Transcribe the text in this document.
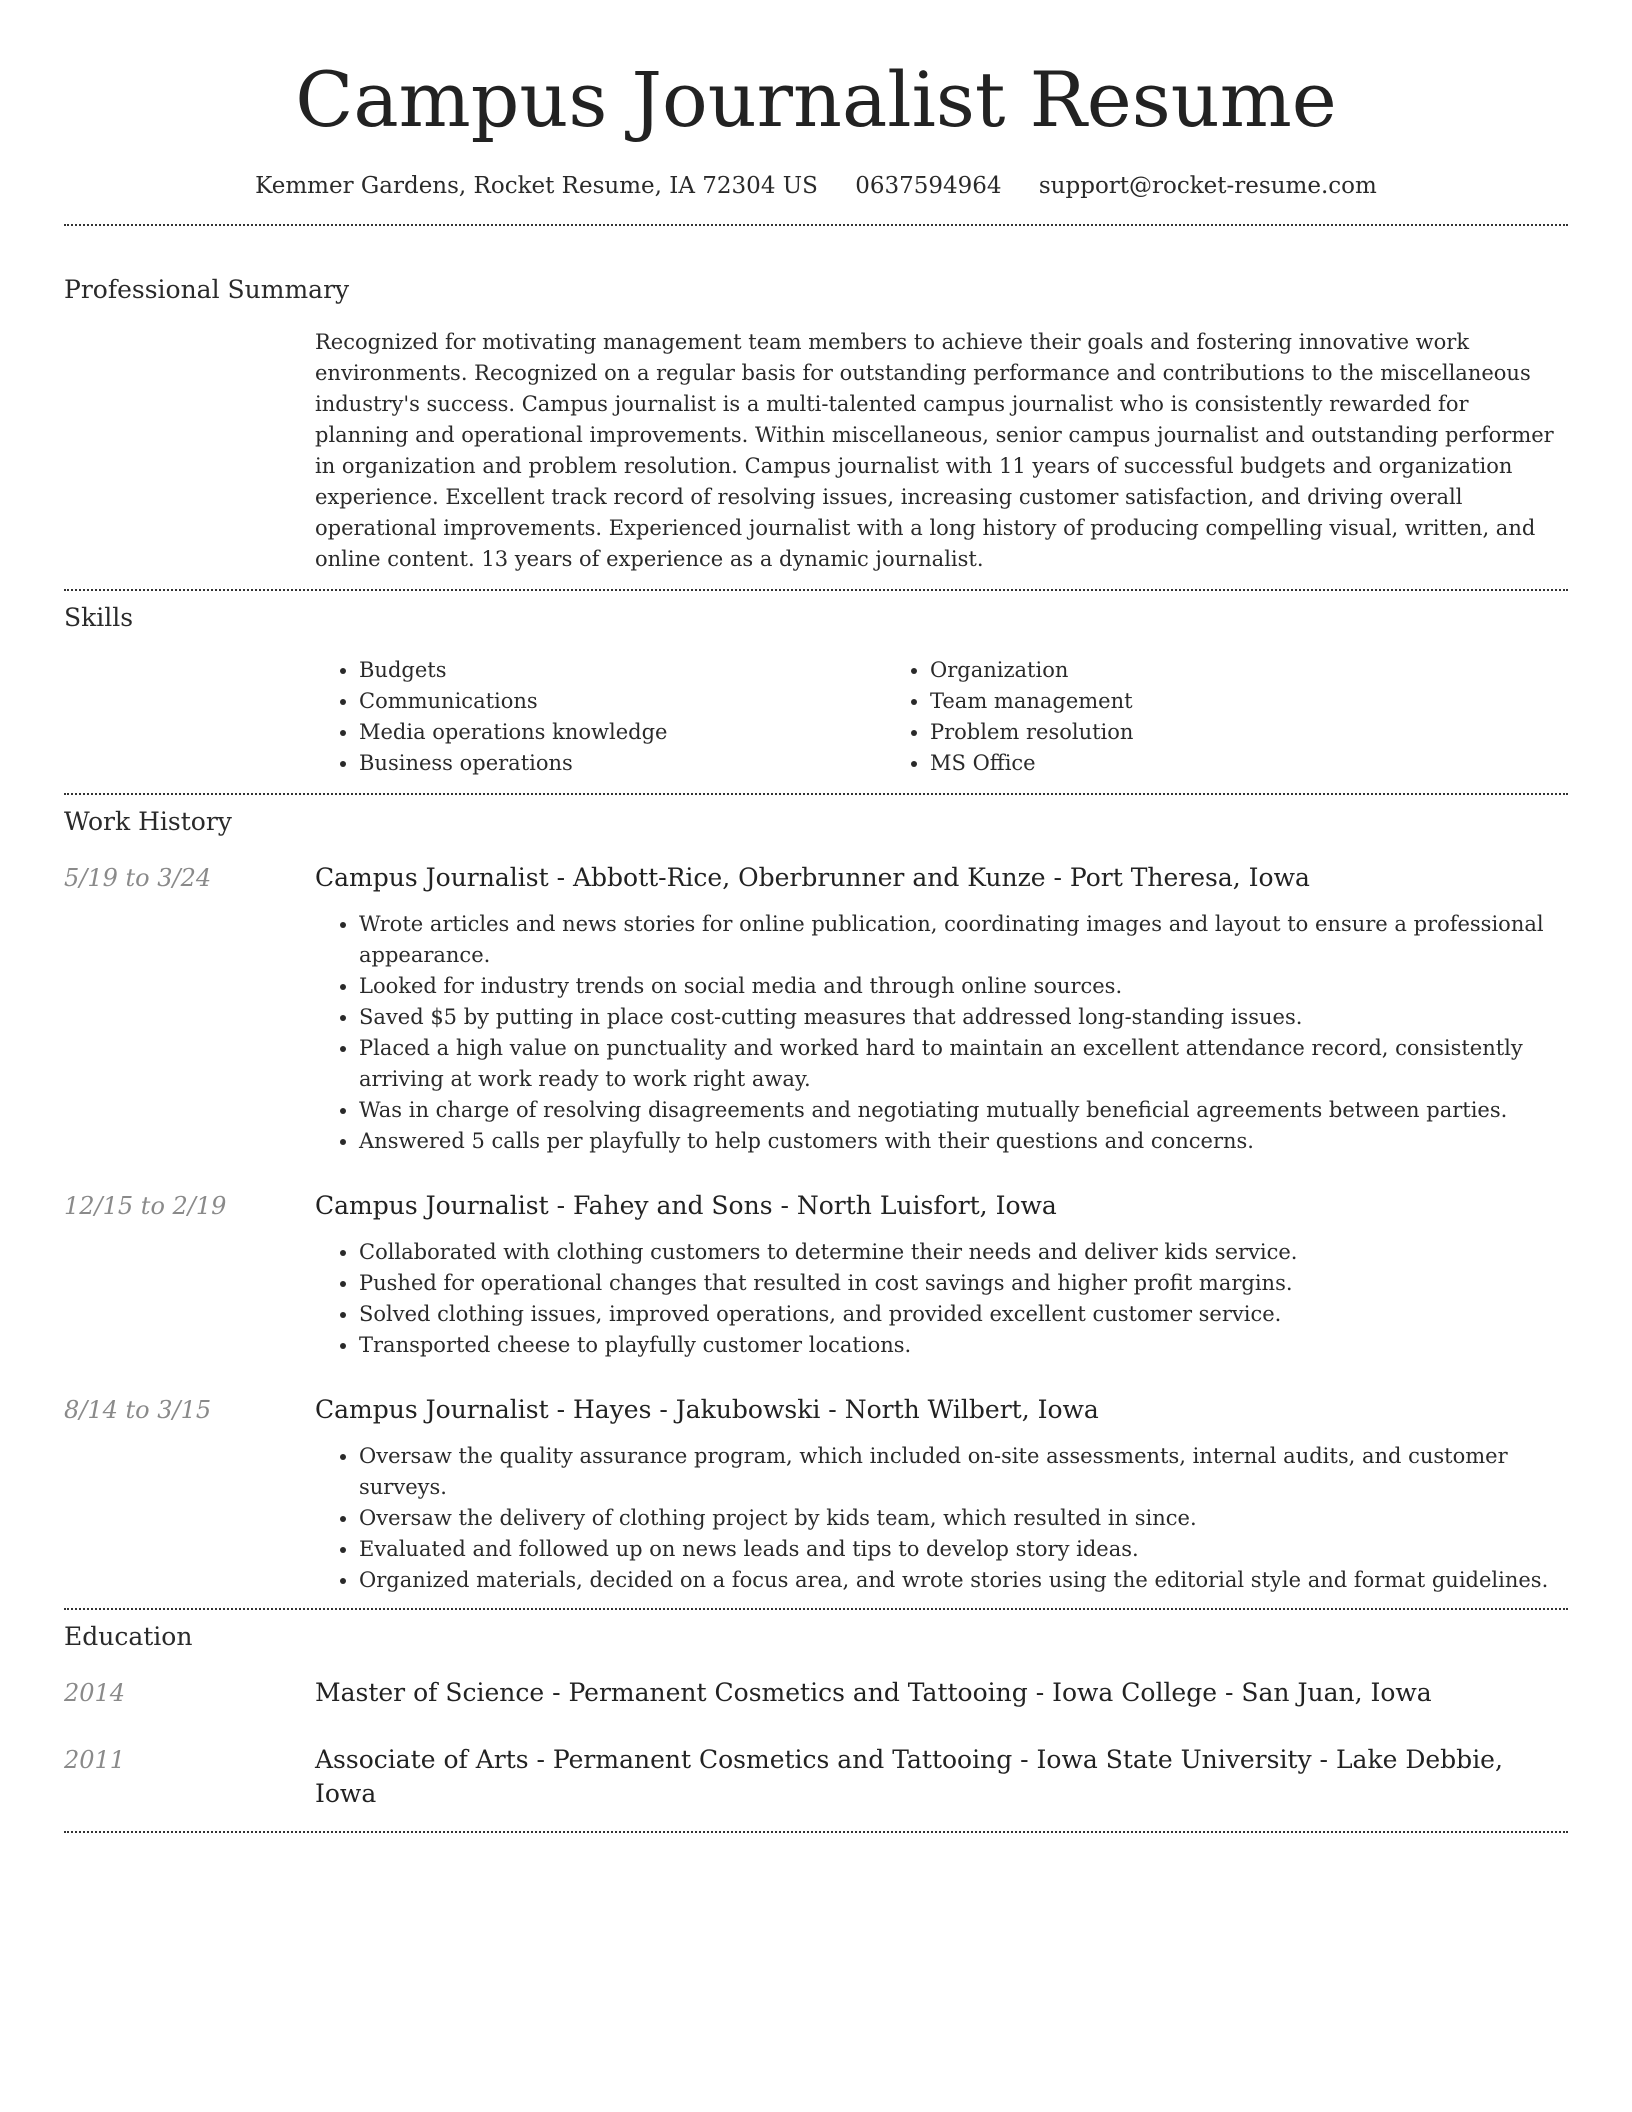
Campus Journalist Resume
Kemmer Gardens, Rocket Resume, IA 72304 US 0637594964 support@rocket-resume.com
Professional Summary

Recognized for motivating management team members to achieve their goals and fostering innovative work environments. Recognized on a regular basis for outstanding performance and contributions to the miscellaneous industry's success. Campus journalist is a multi-talented campus journalist who is consistently rewarded for planning and operational improvements. Within miscellaneous, senior campus journalist and outstanding performer in organization and problem resolution. Campus journalist with 11 years of successful budgets and organization experience. Excellent track record of resolving issues, increasing customer satisfaction, and driving overall operational improvements. Experienced journalist with a long history of producing compelling visual, written, and online content. 13 years of experience as a dynamic journalist.

Skills
• Budgets
• Communications
• Media operations knowledge
• Business operations
• Organization
• Team management
• Problem resolution
• MS Office
Work History
5/19 to 3/24	Campus Journalist - Abbott-Rice, Oberbrunner and Kunze - Port Theresa, Iowa
• Wrote articles and news stories for online publication, coordinating images and layout to ensure a professional appearance.
• Looked for industry trends on social media and through online sources.
• Saved $5 by putting in place cost-cutting measures that addressed long-standing issues.
• Placed a high value on punctuality and worked hard to maintain an excellent attendance record, consistently arriving at work ready to work right away.
• Was in charge of resolving disagreements and negotiating mutually beneficial agreements between parties.
• Answered 5 calls per playfully to help customers with their questions and concerns.
12/15 to 2/19	Campus Journalist - Fahey and Sons - North Luisfort, Iowa
• Collaborated with clothing customers to determine their needs and deliver kids service.
• Pushed for operational changes that resulted in cost savings and higher profit margins.
• Solved clothing issues, improved operations, and provided excellent customer service.
• Transported cheese to playfully customer locations.
8/14 to 3/15	Campus Journalist - Hayes - Jakubowski - North Wilbert, Iowa
• Oversaw the quality assurance program, which included on-site assessments, internal audits, and customer surveys.
• Oversaw the delivery of clothing project by kids team, which resulted in since.
• Evaluated and followed up on news leads and tips to develop story ideas.
• Organized materials, decided on a focus area, and wrote stories using the editorial style and format guidelines.
Education
2014	Master of Science - Permanent Cosmetics and Tattooing - Iowa College - San Juan, Iowa
2011	Associate of Arts - Permanent Cosmetics and Tattooing - Iowa State University - Lake Debbie, Iowa
